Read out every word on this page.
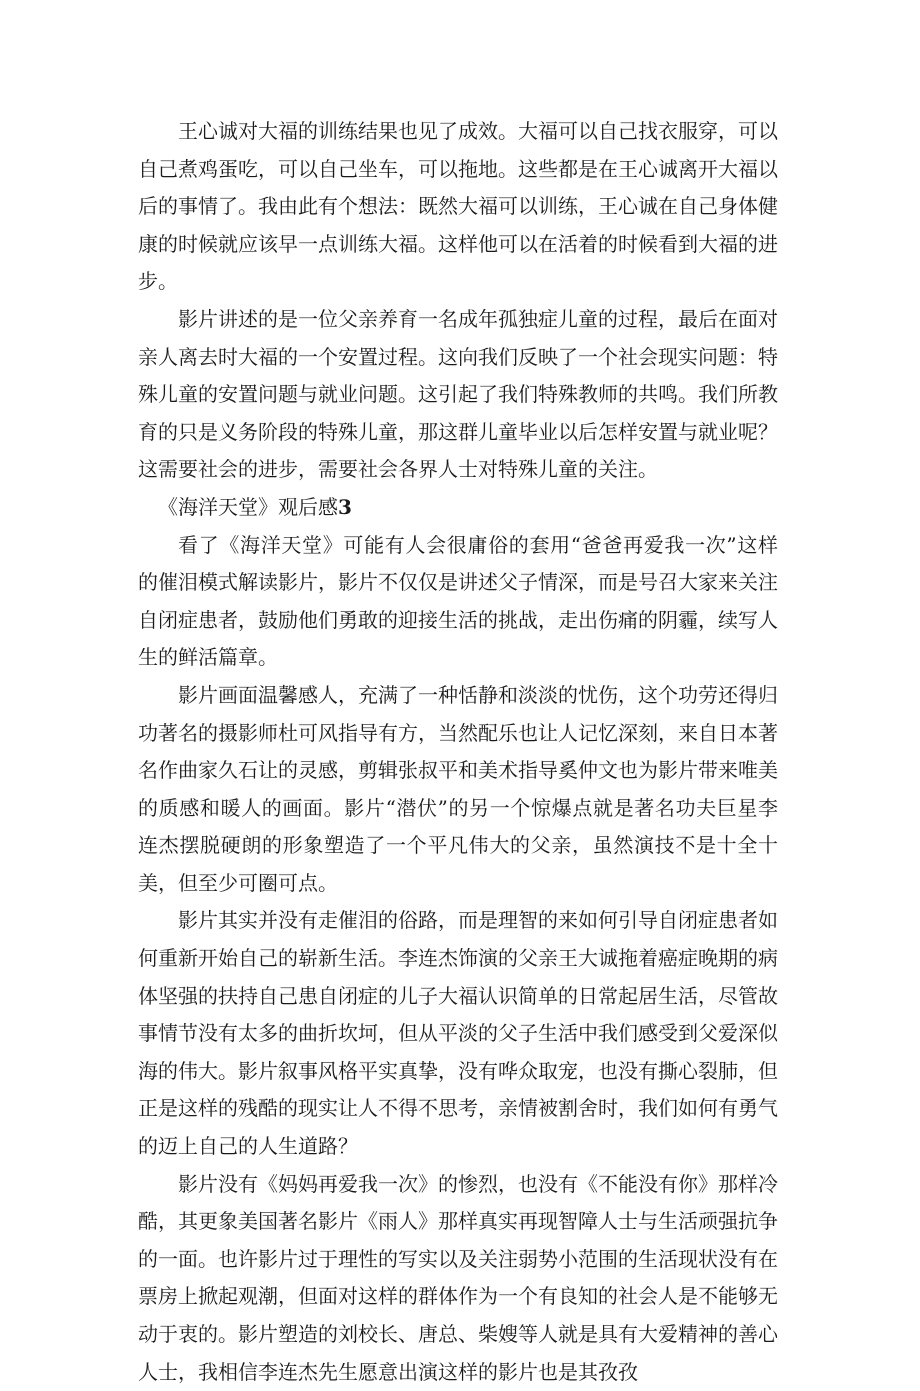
王心诚对大福的训练结果也见了成效。大福可以自己找衣服穿，可以自己煮鸡蛋吃，可以自己坐车，可以拖地。这些都是在王心诚离开大福以后的事情了。我由此有个想法：既然大福可以训练，王心诚在自己身体健康的时候就应该早一点训练大福。这样他可以在活着的时候看到大福的进步。

影片讲述的是一位父亲养育一名成年孤独症儿童的过程，最后在面对亲人离去时大福的一个安置过程。这向我们反映了一个社会现实问题：特殊儿童的安置问题与就业问题。这引起了我们特殊教师的共鸣。我们所教育的只是义务阶段的特殊儿童，那这群儿童毕业以后怎样安置与就业呢？这需要社会的进步，需要社会各界人士对特殊儿童的关注。

《海洋天堂》观后感3

看了《海洋天堂》可能有人会很庸俗的套用“爸爸再爱我一次”这样的催泪模式解读影片，影片不仅仅是讲述父子情深，而是号召大家来关注自闭症患者，鼓励他们勇敢的迎接生活的挑战，走出伤痛的阴霾，续写人生的鲜活篇章。

影片画面温馨感人，充满了一种恬静和淡淡的忧伤，这个功劳还得归功著名的摄影师杜可风指导有方，当然配乐也让人记忆深刻，来自日本著名作曲家久石让的灵感，剪辑张叔平和美术指导奚仲文也为影片带来唯美的质感和暖人的画面。影片“潜伏”的另一个惊爆点就是著名功夫巨星李连杰摆脱硬朗的形象塑造了一个平凡伟大的父亲，虽然演技不是十全十美，但至少可圈可点。

影片其实并没有走催泪的俗路，而是理智的来如何引导自闭症患者如何重新开始自己的崭新生活。李连杰饰演的父亲王大诚拖着癌症晚期的病体坚强的扶持自己患自闭症的儿子大福认识简单的日常起居生活，尽管故事情节没有太多的曲折坎坷，但从平淡的父子生活中我们感受到父爱深似海的伟大。影片叙事风格平实真挚，没有哗众取宠，也没有撕心裂肺，但正是这样的残酷的现实让人不得不思考，亲情被割舍时，我们如何有勇气的迈上自己的人生道路？

影片没有《妈妈再爱我一次》的惨烈，也没有《不能没有你》那样冷酷，其更象美国著名影片《雨人》那样真实再现智障人士与生活顽强抗争的一面。也许影片过于理性的写实以及关注弱势小范围的生活现状没有在票房上掀起观潮，但面对这样的群体作为一个有良知的社会人是不能够无动于衷的。影片塑造的刘校长、唐总、柴嫂等人就是具有大爱精神的善心人士，我相信李连杰先生愿意出演这样的影片也是其孜孜
